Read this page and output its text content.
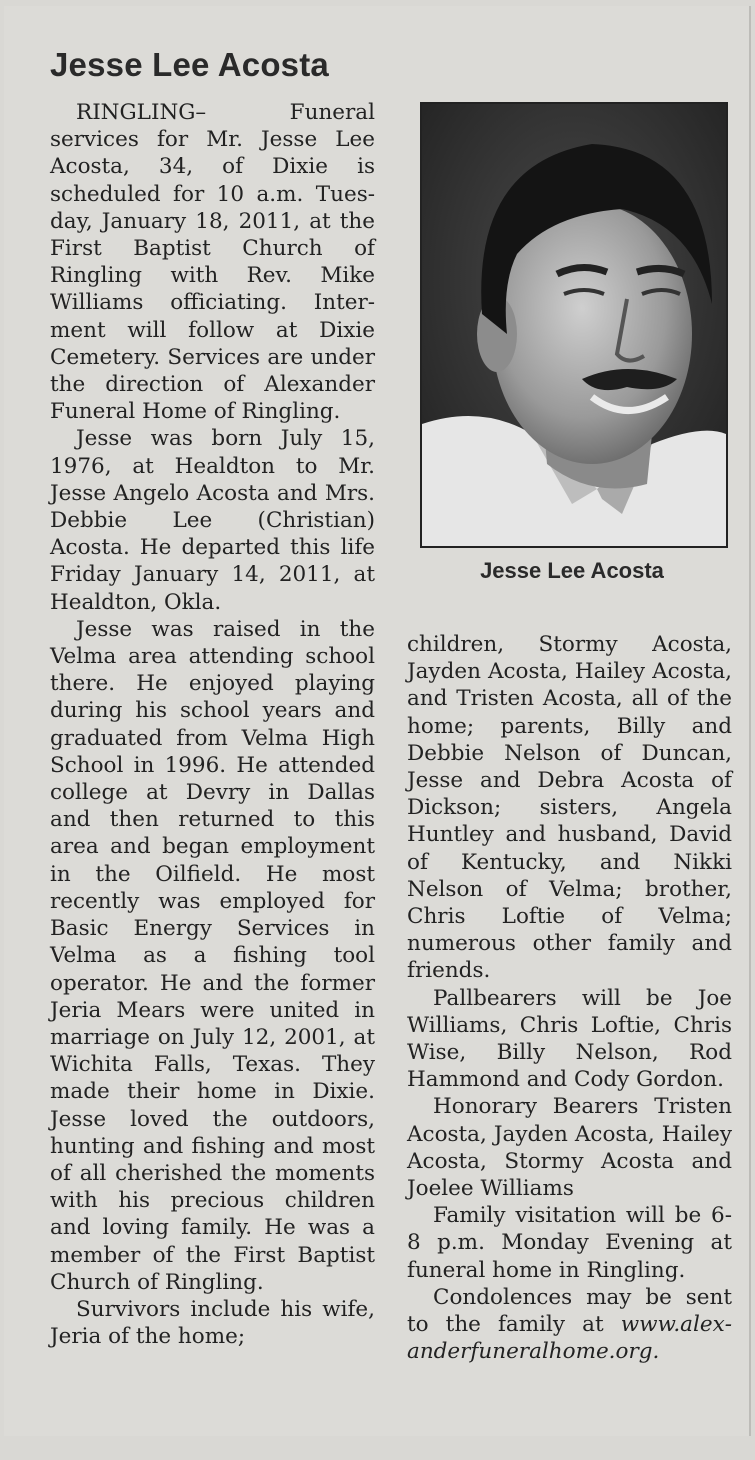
Jesse Lee Acosta

RINGLING– Funeral services for Mr. Jesse Lee Acosta, 34, of Dixie is scheduled for 10 a.m. Tuesday, January 18, 2011, at the First Baptist Church of Ringling with Rev. Mike Williams officiating. Interment will follow at Dixie Cemetery. Services are under the direction of Alexander Funeral Home of Ringling.

Jesse was born July 15, 1976, at Healdton to Mr. Jesse Angelo Acosta and Mrs. Debbie Lee (Christian) Acosta. He departed this life Friday January 14, 2011, at Healdton, Okla.

Jesse was raised in the Velma area attending school there. He enjoyed playing during his school years and graduated from Velma High School in 1996. He attended college at Devry in Dallas and then returned to this area and began employment in the Oilfield. He most recently was employed for Basic Energy Services in Velma as a fishing tool operator. He and the former Jeria Mears were united in marriage on July 12, 2001, at Wichita Falls, Texas. They made their home in Dixie. Jesse loved the outdoors, hunting and fishing and most of all cherished the moments with his precious children and loving family. He was a member of the First Baptist Church of Ringling.

Survivors include his wife, Jeria of the home;

Jesse Lee Acosta

children, Stormy Acosta, Jayden Acosta, Hailey Acosta, and Tristen Acosta, all of the home; parents, Billy and Debbie Nelson of Duncan, Jesse and Debra Acosta of Dickson; sisters, Angela Huntley and husband, David of Kentucky, and Nikki Nelson of Velma; brother, Chris Loftie of Velma; numerous other family and friends.

Pallbearers will be Joe Williams, Chris Loftie, Chris Wise, Billy Nelson, Rod Hammond and Cody Gordon.

Honorary Bearers Tristen Acosta, Jayden Acosta, Hailey Acosta, Stormy Acosta and Joelee Williams

Family visitation will be 6-8 p.m. Monday Evening at funeral home in Ringling.

Condolences may be sent to the family at www.alexanderfuneralhome.org.
